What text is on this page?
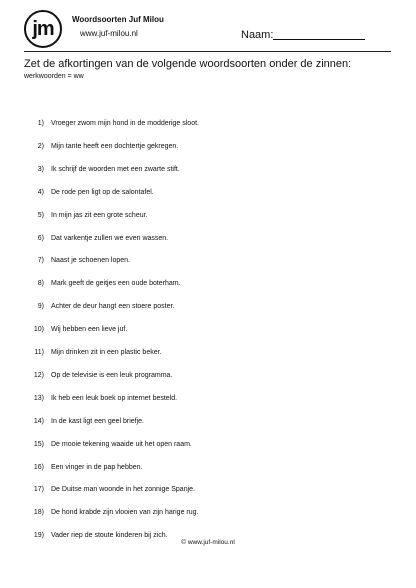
jm	Woordsoorten Juf Milou
www.juf-milou.nl	Naam:
Zet de afkortingen van de volgende woordsoorten onder de zinnen:
werkwoorden = ww
1) Vroeger zwom mijn hond in de modderige sloot.
2) Mijn tante heeft een dochtertje gekregen.
3) Ik schrijf de woorden met een zwarte stift.
4) De rode pen ligt op de salontafel.
5) In mijn jas zit een grote scheur.
6) Dat varkentje zullen we even wassen.
7) Naast je schoenen lopen.
8) Mark geeft de geitjes een oude boterham.
9) Achter de deur hangt een stoere poster.
10) Wij hebben een lieve juf.
11) Mijn drinken zit in een plastic beker.
12) Op de televisie is een leuk programma.
13) Ik heb een leuk boek op internet besteld.
14) In de kast ligt een geel briefje.
15) De mooie tekening waaide uit het open raam.
16) Een vinger in de pap hebben.
17) De Duitse man woonde in het zonnige Spanje.
18) De hond krabde zijn vlooien van zijn harige rug.
19) Vader riep de stoute kinderen bij zich.
© www.juf-milou.nl
